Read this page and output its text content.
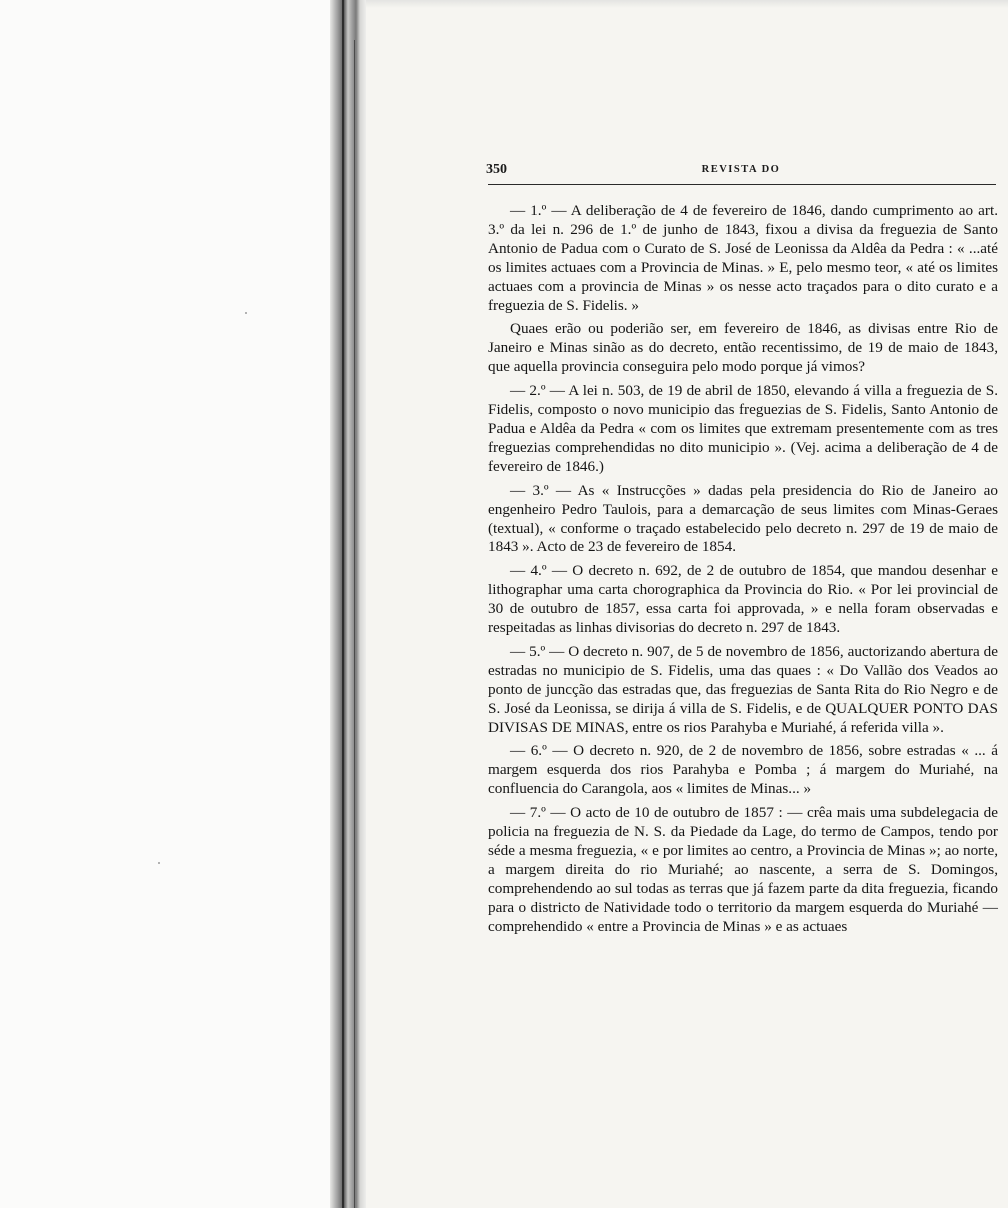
350	REVISTA DO

— 1.º — A deliberação de 4 de fevereiro de 1846, dando cumprimento ao art. 3.º da lei n. 296 de 1.º de junho de 1843, fixou a divisa da freguezia de Santo Antonio de Padua com o Curato de S. José de Leonissa da Aldêa da Pedra : « ...até os limites actuaes com a Provincia de Minas. » E, pelo mesmo teor, « até os limites actuaes com a provincia de Minas » os nesse acto traçados para o dito curato e a freguezia de S. Fidelis. »

Quaes erão ou poderião ser, em fevereiro de 1846, as divisas entre Rio de Janeiro e Minas sinão as do decreto, então recentissimo, de 19 de maio de 1843, que aquella provincia conseguira pelo modo porque já vimos?

— 2.º — A lei n. 503, de 19 de abril de 1850, elevando á villa a freguezia de S. Fidelis, composto o novo municipio das freguezias de S. Fidelis, Santo Antonio de Padua e Aldêa da Pedra « com os limites que extremam presentemente com as tres freguezias comprehendidas no dito municipio ». (Vej. acima a deliberação de 4 de fevereiro de 1846.)

— 3.º — As « Instrucções » dadas pela presidencia do Rio de Janeiro ao engenheiro Pedro Taulois, para a demarcação de seus limites com Minas-Geraes (textual), « conforme o traçado estabelecido pelo decreto n. 297 de 19 de maio de 1843 ». Acto de 23 de fevereiro de 1854.

— 4.º — O decreto n. 692, de 2 de outubro de 1854, que mandou desenhar e lithographar uma carta chorographica da Provincia do Rio. « Por lei provincial de 30 de outubro de 1857, essa carta foi approvada, » e nella foram observadas e respeitadas as linhas divisorias do decreto n. 297 de 1843.

— 5.º — O decreto n. 907, de 5 de novembro de 1856, auctorizando abertura de estradas no municipio de S. Fidelis, uma das quaes : « Do Vallão dos Veados ao ponto de juncção das estradas que, das freguezias de Santa Rita do Rio Negro e de S. José da Leonissa, se dirija á villa de S. Fidelis, e de QUALQUER PONTO DAS DIVISAS DE MINAS, entre os rios Parahyba e Muriahé, á referida villa ».

— 6.º — O decreto n. 920, de 2 de novembro de 1856, sobre estradas « ... á margem esquerda dos rios Parahyba e Pomba ; á margem do Muriahé, na confluencia do Carangola, aos « limites de Minas... »

— 7.º — O acto de 10 de outubro de 1857 : — crêa mais uma subdelegacia de policia na freguezia de N. S. da Piedade da Lage, do termo de Campos, tendo por séde a mesma freguezia, « e por limites ao centro, a Provincia de Minas »; ao norte, a margem direita do rio Muriahé; ao nascente, a serra de S. Domingos, comprehendendo ao sul todas as terras que já fazem parte da dita freguezia, ficando para o districto de Natividade todo o territorio da margem esquerda do Muriahé — comprehendido « entre a Provincia de Minas » e as actuaes
